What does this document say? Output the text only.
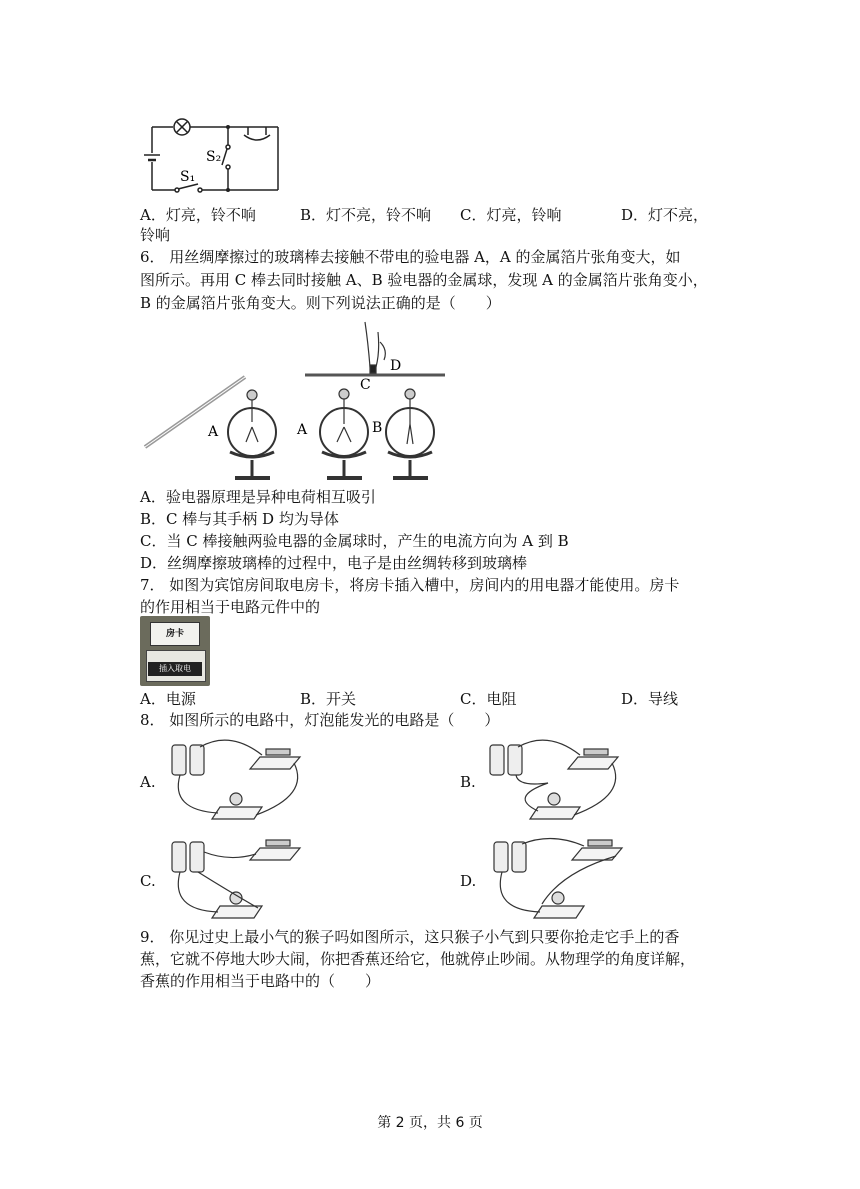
S₂
S₁
A．灯亮，铃不响	B．灯不亮，铃不响 C．灯亮，铃响	D．灯不亮，
铃响
6． 用丝绸摩擦过的玻璃棒去接触不带电的验电器 A，A 的金属箔片张角变大，如
图所示。再用 C 棒去同时接触 A、B 验电器的金属球，发现 A 的金属箔片张角变小，
B 的金属箔片张角变大。则下列说法正确的是（　　）
A	A	B
C
D
A．验电器原理是异种电荷相互吸引
B．C 棒与其手柄 D 均为导体
C．当 C 棒接触两验电器的金属球时，产生的电流方向为 A 到 B
D．丝绸摩擦玻璃棒的过程中，电子是由丝绸转移到玻璃棒
7． 如图为宾馆房间取电房卡，将房卡插入槽中，房间内的用电器才能使用。房卡
的作用相当于电路元件中的
房卡
插入取电
A．电源	B．开关	C．电阻	D．导线
8． 如图所示的电路中，灯泡能发光的电路是（　　）
A.	B.
C.	D.
9． 你见过史上最小气的猴子吗如图所示，这只猴子小气到只要你抢走它手上的香
蕉，它就不停地大吵大闹，你把香蕉还给它，他就停止吵闹。从物理学的角度详解，
香蕉的作用相当于电路中的（　　）
第 2 页，共 6 页
